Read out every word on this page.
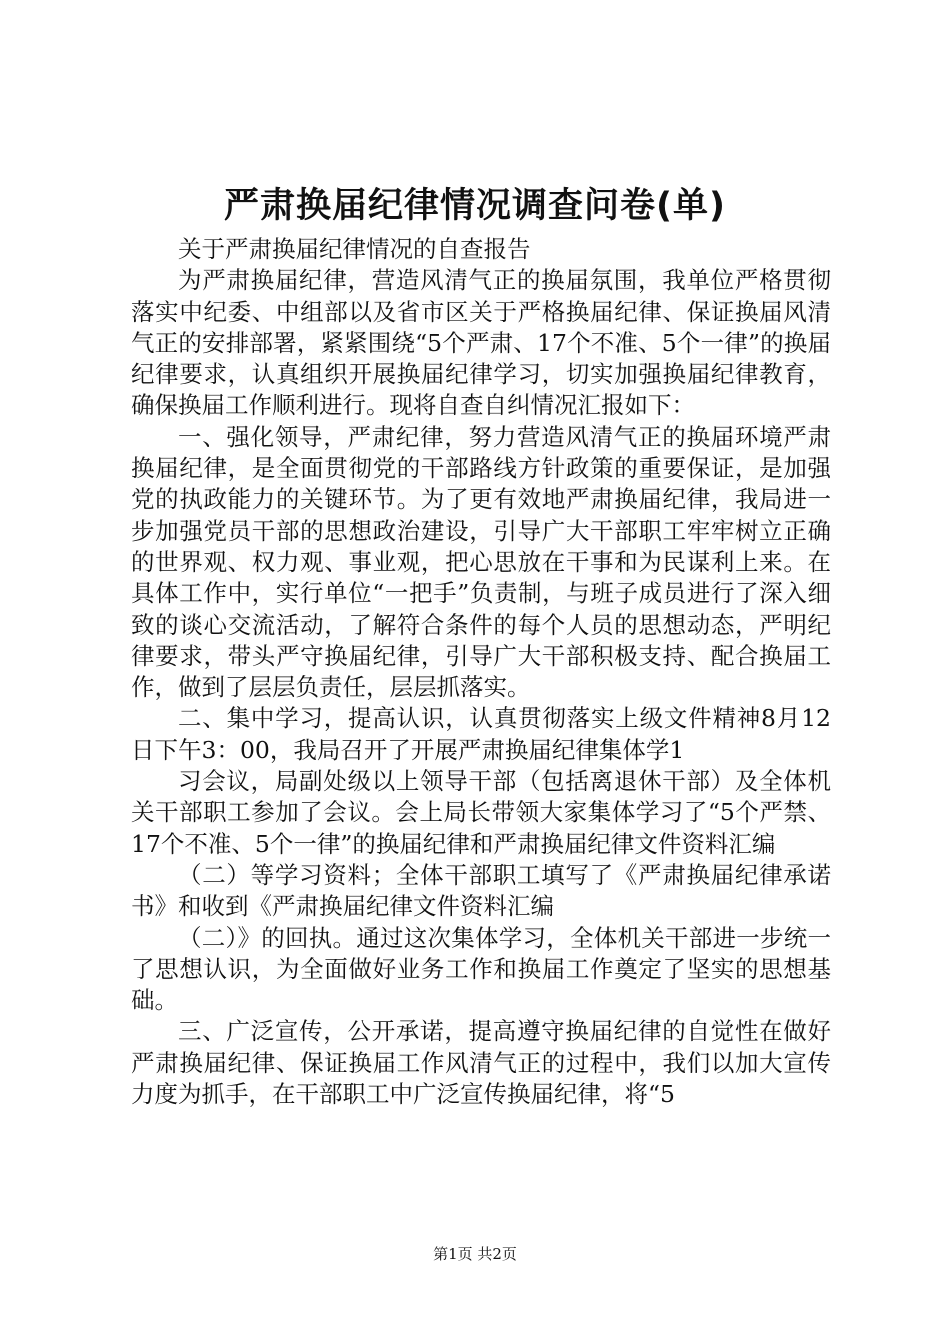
严肃换届纪律情况调查问卷(单)

关于严肃换届纪律情况的自查报告

为严肃换届纪律，营造风清气正的换届氛围，我单位严格贯彻落实中纪委、中组部以及省市区关于严格换届纪律、保证换届风清气正的安排部署，紧紧围绕“5个严肃、17个不准、5个一律”的换届纪律要求，认真组织开展换届纪律学习，切实加强换届纪律教育，确保换届工作顺利进行。现将自查自纠情况汇报如下：

一、强化领导，严肃纪律，努力营造风清气正的换届环境严肃换届纪律，是全面贯彻党的干部路线方针政策的重要保证，是加强党的执政能力的关键环节。为了更有效地严肃换届纪律，我局进一步加强党员干部的思想政治建设，引导广大干部职工牢牢树立正确的世界观、权力观、事业观，把心思放在干事和为民谋利上来。在具体工作中，实行单位“一把手”负责制，与班子成员进行了深入细致的谈心交流活动，了解符合条件的每个人员的思想动态，严明纪律要求，带头严守换届纪律，引导广大干部积极支持、配合换届工作，做到了层层负责任，层层抓落实。

二、集中学习，提高认识，认真贯彻落实上级文件精神8月12日下午3：00，我局召开了开展严肃换届纪律集体学1

习会议，局副处级以上领导干部（包括离退休干部）及全体机关干部职工参加了会议。会上局长带领大家集体学习了“5个严禁、17个不准、5个一律”的换届纪律和严肃换届纪律文件资料汇编

（二）等学习资料；全体干部职工填写了《严肃换届纪律承诺书》和收到《严肃换届纪律文件资料汇编

（二）》的回执。通过这次集体学习，全体机关干部进一步统一了思想认识，为全面做好业务工作和换届工作奠定了坚实的思想基础。

三、广泛宣传，公开承诺，提高遵守换届纪律的自觉性在做好严肃换届纪律、保证换届工作风清气正的过程中，我们以加大宣传力度为抓手，在干部职工中广泛宣传换届纪律，将“5

第1页 共2页
